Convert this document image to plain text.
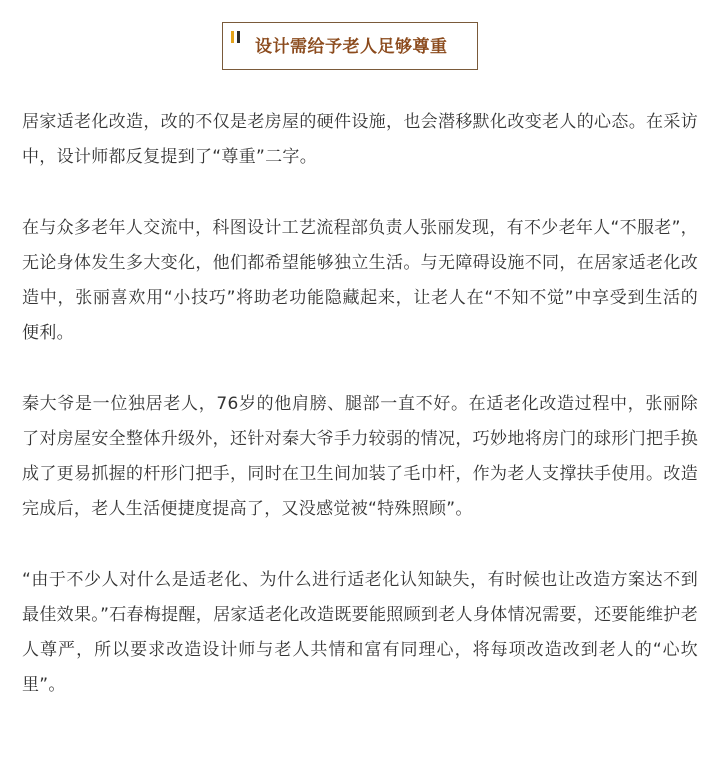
设计需给予老人足够尊重

居家适老化改造，改的不仅是老房屋的硬件设施，也会潜移默化改变老人的心态。在采访中，设计师都反复提到了“尊重”二字。

在与众多老年人交流中，科图设计工艺流程部负责人张丽发现，有不少老年人“不服老”，无论身体发生多大变化，他们都希望能够独立生活。与无障碍设施不同，在居家适老化改造中，张丽喜欢用“小技巧”将助老功能隐藏起来，让老人在“不知不觉”中享受到生活的便利。

秦大爷是一位独居老人，76岁的他肩膀、腿部一直不好。在适老化改造过程中，张丽除了对房屋安全整体升级外，还针对秦大爷手力较弱的情况，巧妙地将房门的球形门把手换成了更易抓握的杆形门把手，同时在卫生间加装了毛巾杆，作为老人支撑扶手使用。改造完成后，老人生活便捷度提高了，又没感觉被“特殊照顾”。

“由于不少人对什么是适老化、为什么进行适老化认知缺失，有时候也让改造方案达不到最佳效果。”石春梅提醒，居家适老化改造既要能照顾到老人身体情况需要，还要能维护老人尊严，所以要求改造设计师与老人共情和富有同理心，将每项改造改到老人的“心坎里”。
